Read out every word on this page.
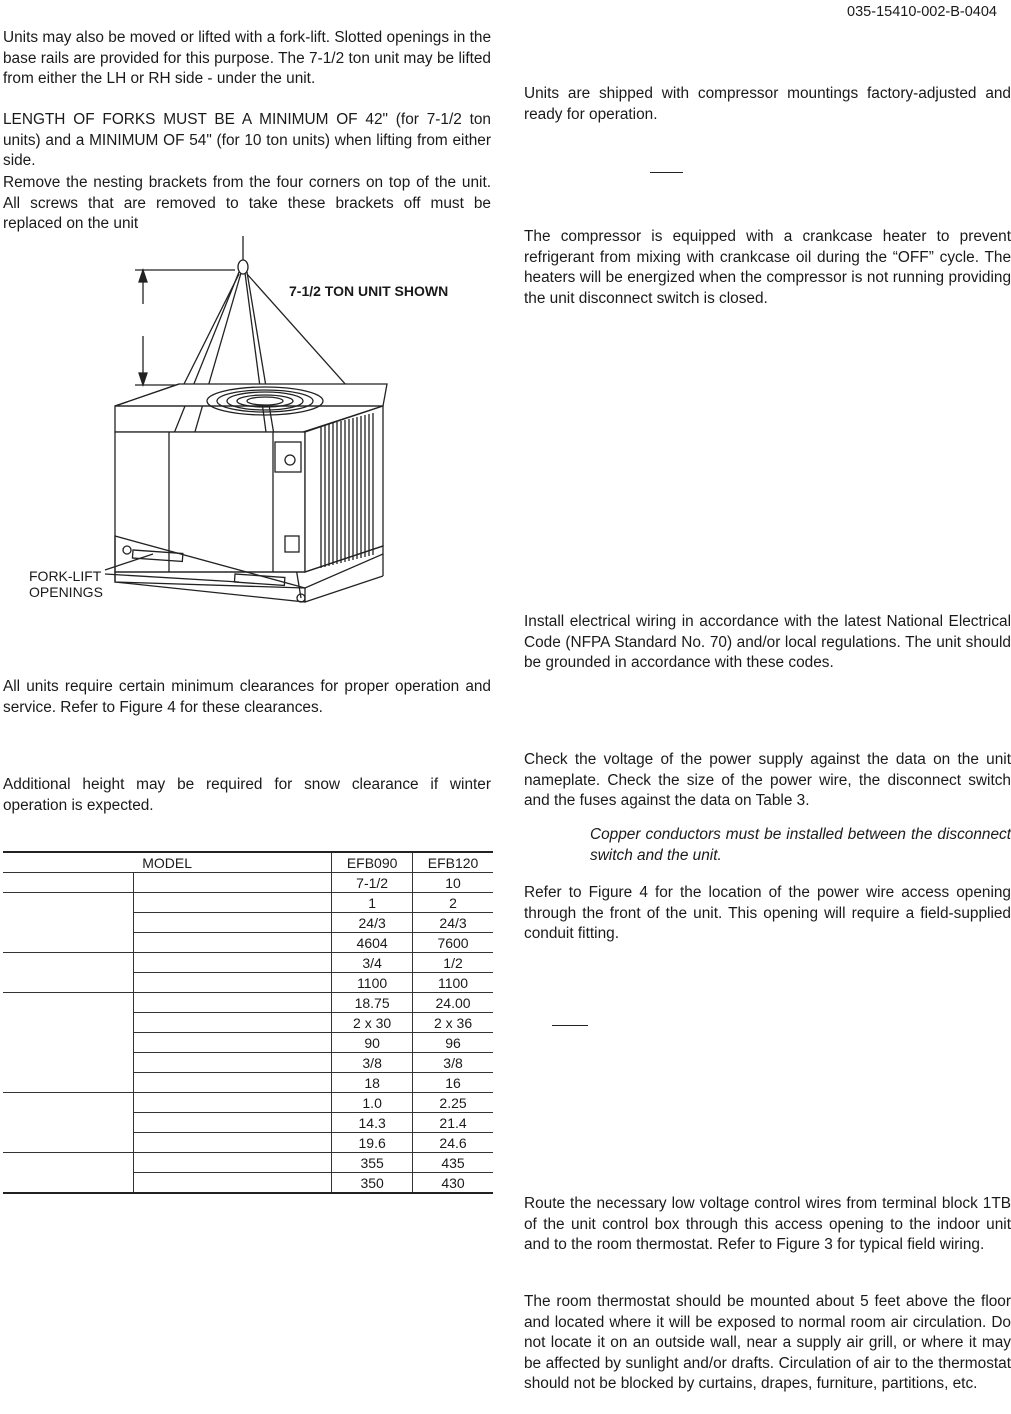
035-15410-002-B-0404

Units may also be moved or lifted with a fork-lift. Slotted openings in the base rails are provided for this purpose. The 7-1/2 ton unit may be lifted from either the LH or RH side - under the unit.

LENGTH OF FORKS MUST BE A MINIMUM OF 42" (for 7-1/2 ton units) and a MINIMUM OF 54" (for 10 ton units) when lifting from either side.

Remove the nesting brackets from the four corners on top of the unit. All screws that are removed to take these brackets off must be replaced on the unit

7-1/2 TON UNIT SHOWN
FORK-LIFT
OPENINGS

All units require certain minimum clearances for proper operation and service. Refer to Figure 4 for these clearances.

Additional height may be required for snow clearance if winter operation is expected.

MODEL		EFB090	EFB120
		7-1/2	10
		1	2
		24/3	24/3
		4604	7600
		3/4	1/2
		1100	1100
		18.75	24.00
		2 x 30	2 x 36
		90	96
		3/8	3/8
		18	16
		1.0	2.25
		14.3	21.4
		19.6	24.6
		355	435
		350	430

Units are shipped with compressor mountings factory-adjusted and ready for operation.

The compressor is equipped with a crankcase heater to prevent refrigerant from mixing with crankcase oil during the “OFF” cycle. The heaters will be energized when the compressor is not running providing the unit disconnect switch is closed.

Install electrical wiring in accordance with the latest National Electrical Code (NFPA Standard No. 70) and/or local regulations. The unit should be grounded in accordance with these codes.

Check the voltage of the power supply against the data on the unit nameplate. Check the size of the power wire, the disconnect switch and the fuses against the data on Table 3.

Copper conductors must be installed between the disconnect switch and the unit.

Refer to Figure 4 for the location of the power wire access opening through the front of the unit. This opening will require a field-supplied conduit fitting.

Route the necessary low voltage control wires from terminal block 1TB of the unit control box through this access opening to the indoor unit and to the room thermostat. Refer to Figure 3 for typical field wiring.

The room thermostat should be mounted about 5 feet above the floor and located where it will be exposed to normal room air circulation. Do not locate it on an outside wall, near a supply air grill, or where it may be affected by sunlight and/or drafts. Circulation of air to the thermostat should not be blocked by curtains, drapes, furniture, partitions, etc.
